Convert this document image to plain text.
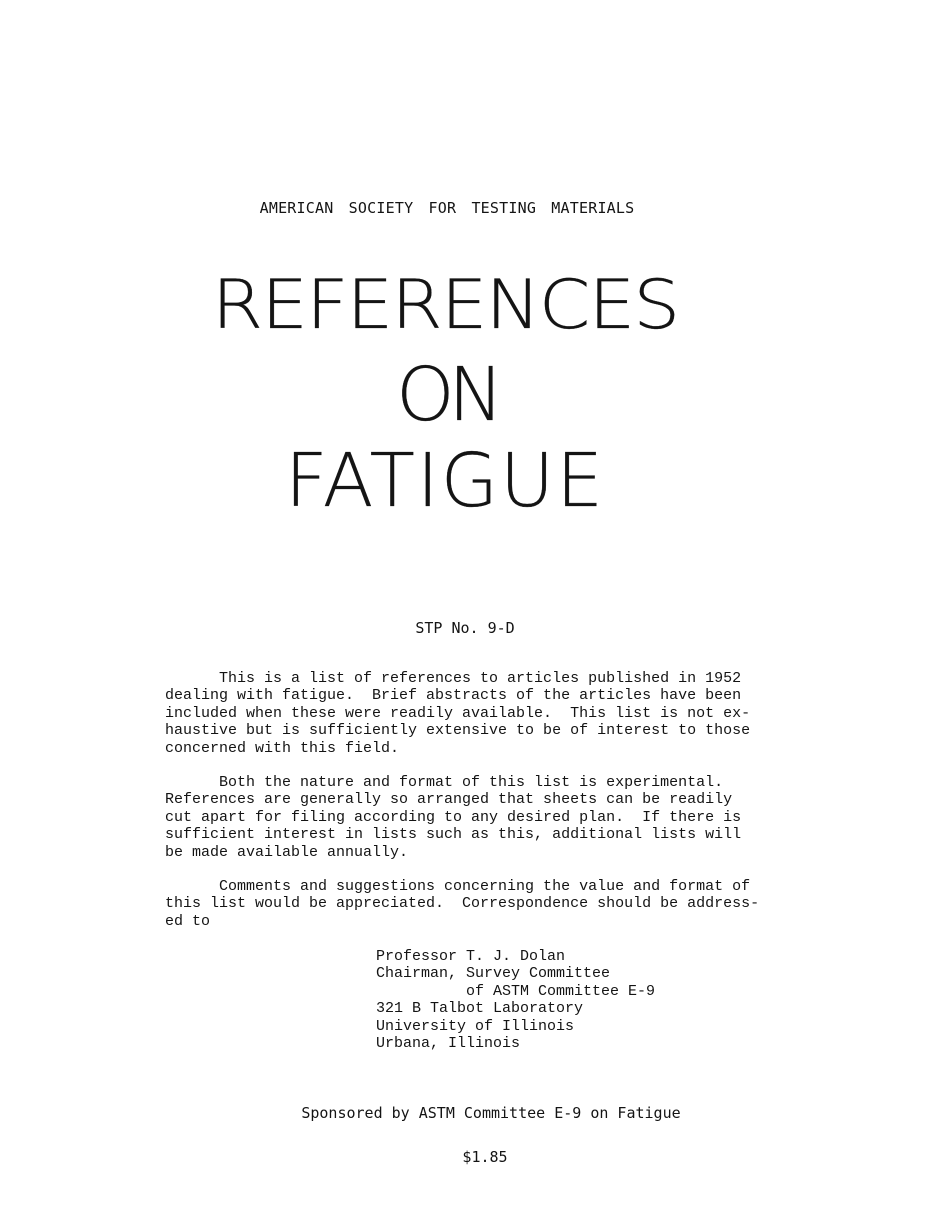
AMERICAN SOCIETY FOR TESTING MATERIALS
REFERENCES
ON
FATIGUE
STP No. 9-D
This is a list of references to articles published in 1952
dealing with fatigue.  Brief abstracts of the articles have been
included when these were readily available.  This list is not ex-
haustive but is sufficiently extensive to be of interest to those
concerned with this field.
Both the nature and format of this list is experimental.
References are generally so arranged that sheets can be readily
cut apart for filing according to any desired plan.  If there is
sufficient interest in lists such as this, additional lists will
be made available annually.
Comments and suggestions concerning the value and format of
this list would be appreciated.  Correspondence should be address-
ed to
Professor T. J. Dolan
Chairman, Survey Committee
of ASTM Committee E-9
321 B Talbot Laboratory
University of Illinois
Urbana, Illinois
Sponsored by ASTM Committee E-9 on Fatigue
$1.85
